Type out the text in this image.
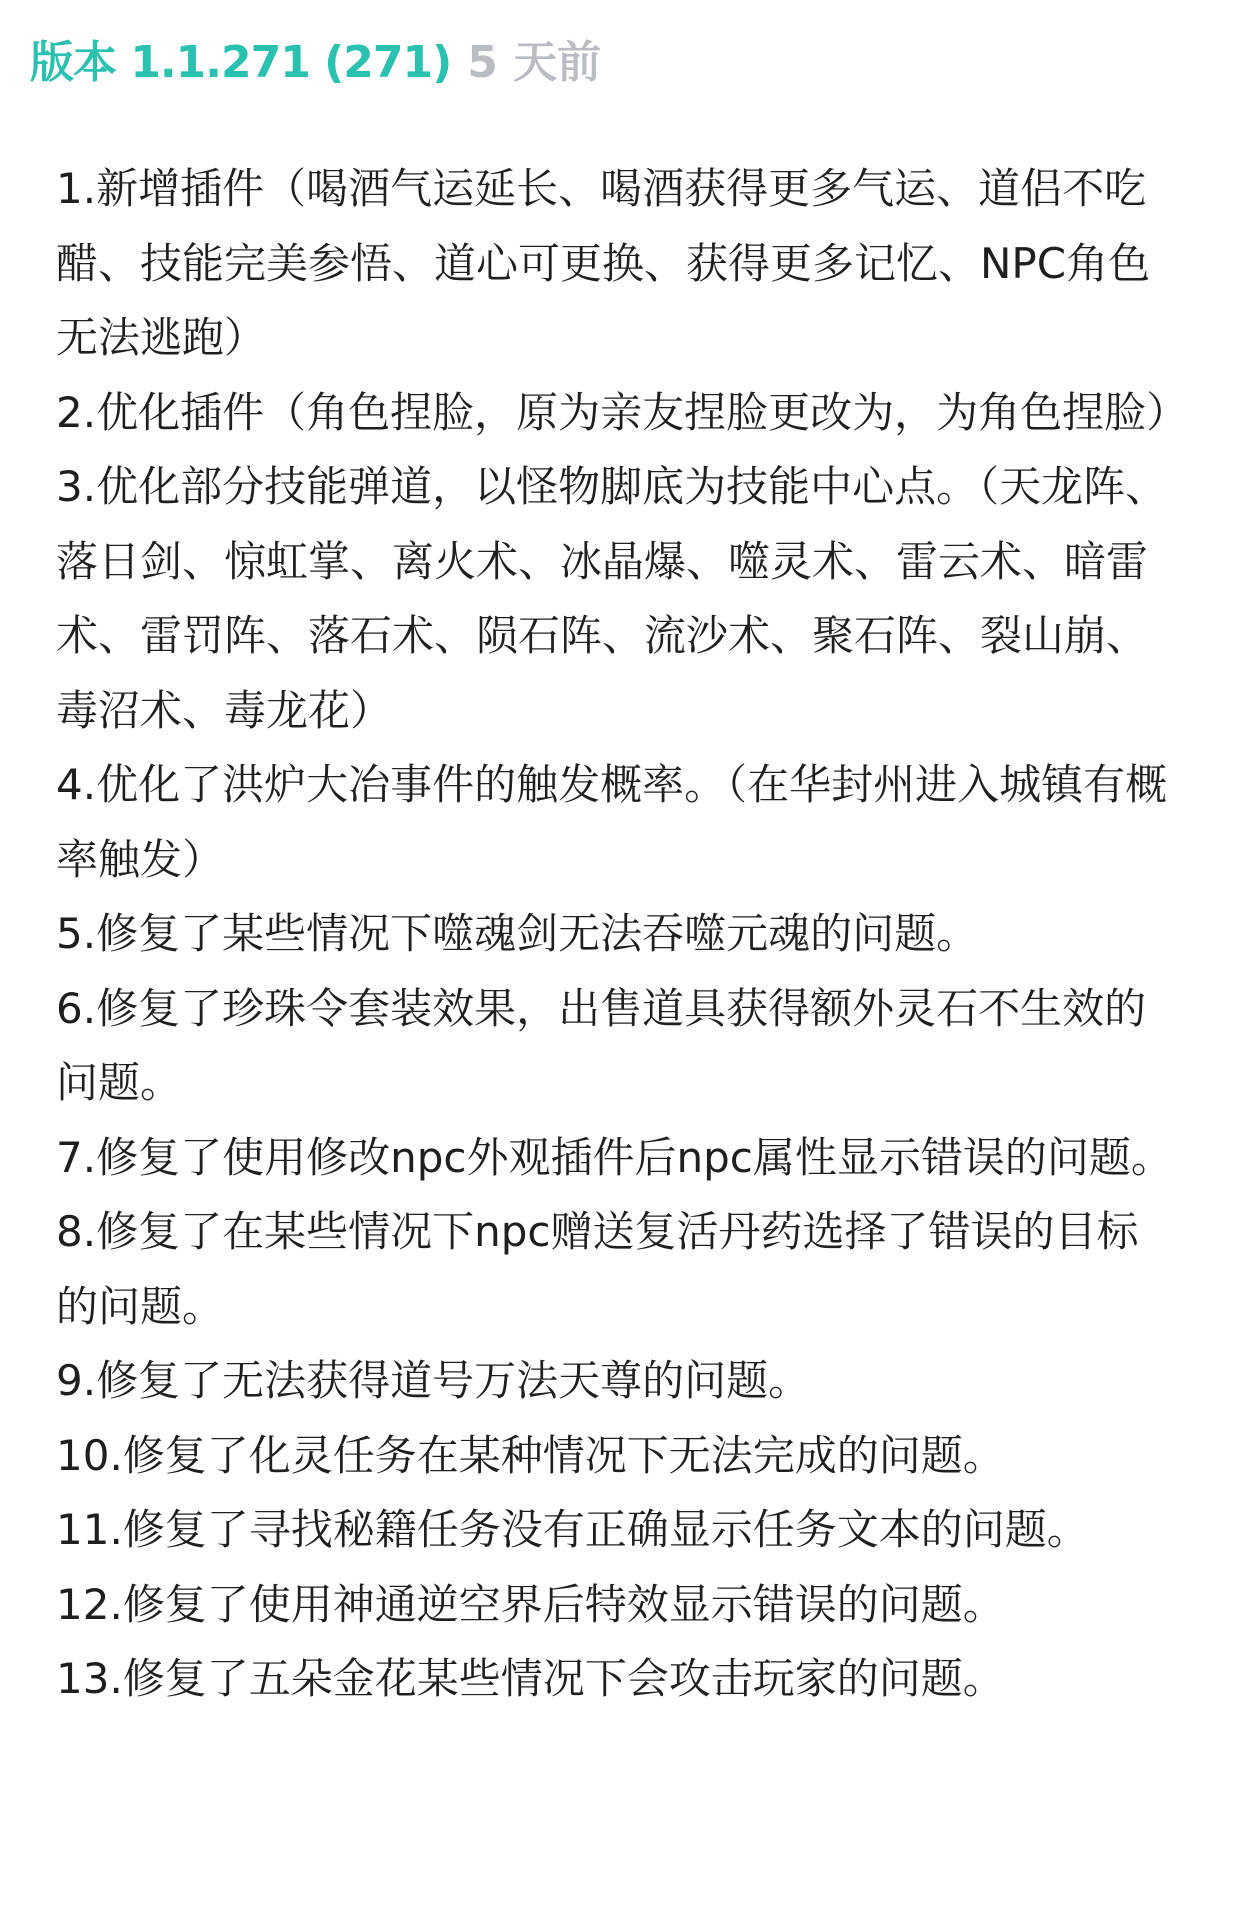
版本 1.1.271 (271) 5 天前
1.新增插件（喝酒气运延长、喝酒获得更多气运、道侣不吃醋、技能完美参悟、道心可更换、获得更多记忆、NPC角色无法逃跑）
2.优化插件（角色捏脸，原为亲友捏脸更改为，为角色捏脸）
3.优化部分技能弹道，以怪物脚底为技能中心点。（天龙阵、落日剑、惊虹掌、离火术、冰晶爆、噬灵术、雷云术、暗雷术、雷罚阵、落石术、陨石阵、流沙术、聚石阵、裂山崩、毒沼术、毒龙花）
4.优化了洪炉大冶事件的触发概率。（在华封州进入城镇有概率触发）
5.修复了某些情况下噬魂剑无法吞噬元魂的问题。
6.修复了珍珠令套装效果，出售道具获得额外灵石不生效的问题。
7.修复了使用修改npc外观插件后npc属性显示错误的问题。
8.修复了在某些情况下npc赠送复活丹药选择了错误的目标的问题。
9.修复了无法获得道号万法天尊的问题。
10.修复了化灵任务在某种情况下无法完成的问题。
11.修复了寻找秘籍任务没有正确显示任务文本的问题。
12.修复了使用神通逆空界后特效显示错误的问题。
13.修复了五朵金花某些情况下会攻击玩家的问题。
